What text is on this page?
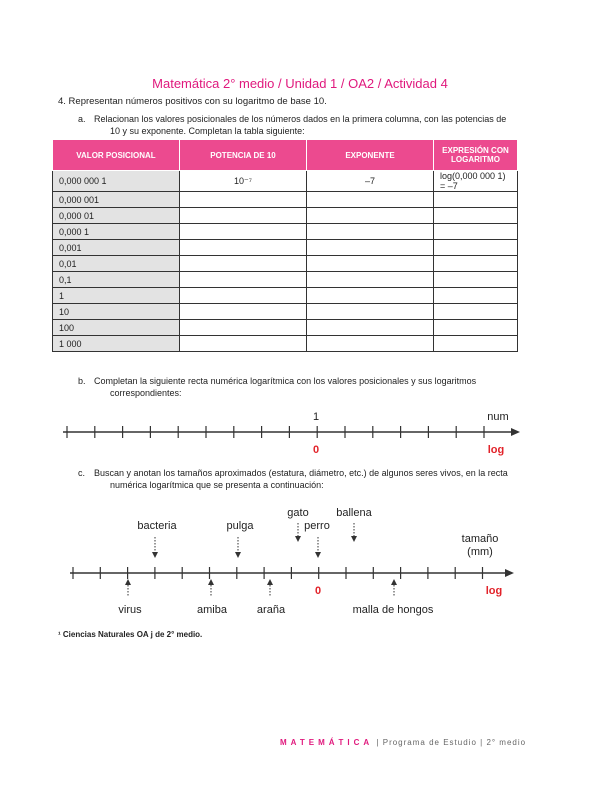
Matemática 2° medio / Unidad 1 / OA2 / Actividad 4
4. Representan números positivos con su logaritmo de base 10.
a. Relacionan los valores posicionales de los números dados en la primera columna, con las potencias de
10 y su exponente. Completan la tabla siguiente:
VALOR POSICIONAL	POTENCIA DE 10	EXPONENTE	EXPRESIÓN CON LOGARITMO
0,000 000 1	10⁻⁷	–7	log(0,000 000 1) = –7
0,000 001			
0,000 01			
0,000 1			
0,001			
0,01			
0,1			
1			
10			
100			
1 000			
b. Completan la siguiente recta numérica logarítmica con los valores posicionales y sus logaritmos
correspondientes:
1	num
0	log
c. Buscan y anotan los tamaños aproximados (estatura, diámetro, etc.) de algunos seres vivos, en la recta
numérica logarítmica que se presenta a continuación:
bacteria	pulga
gato
perro
ballena
tamaño
(mm)
virus	amiba	araña	malla de hongos
0	log
¹ Ciencias Naturales OA j de 2° medio.
MATEMÁTICA | Programa de Estudio | 2° medio
